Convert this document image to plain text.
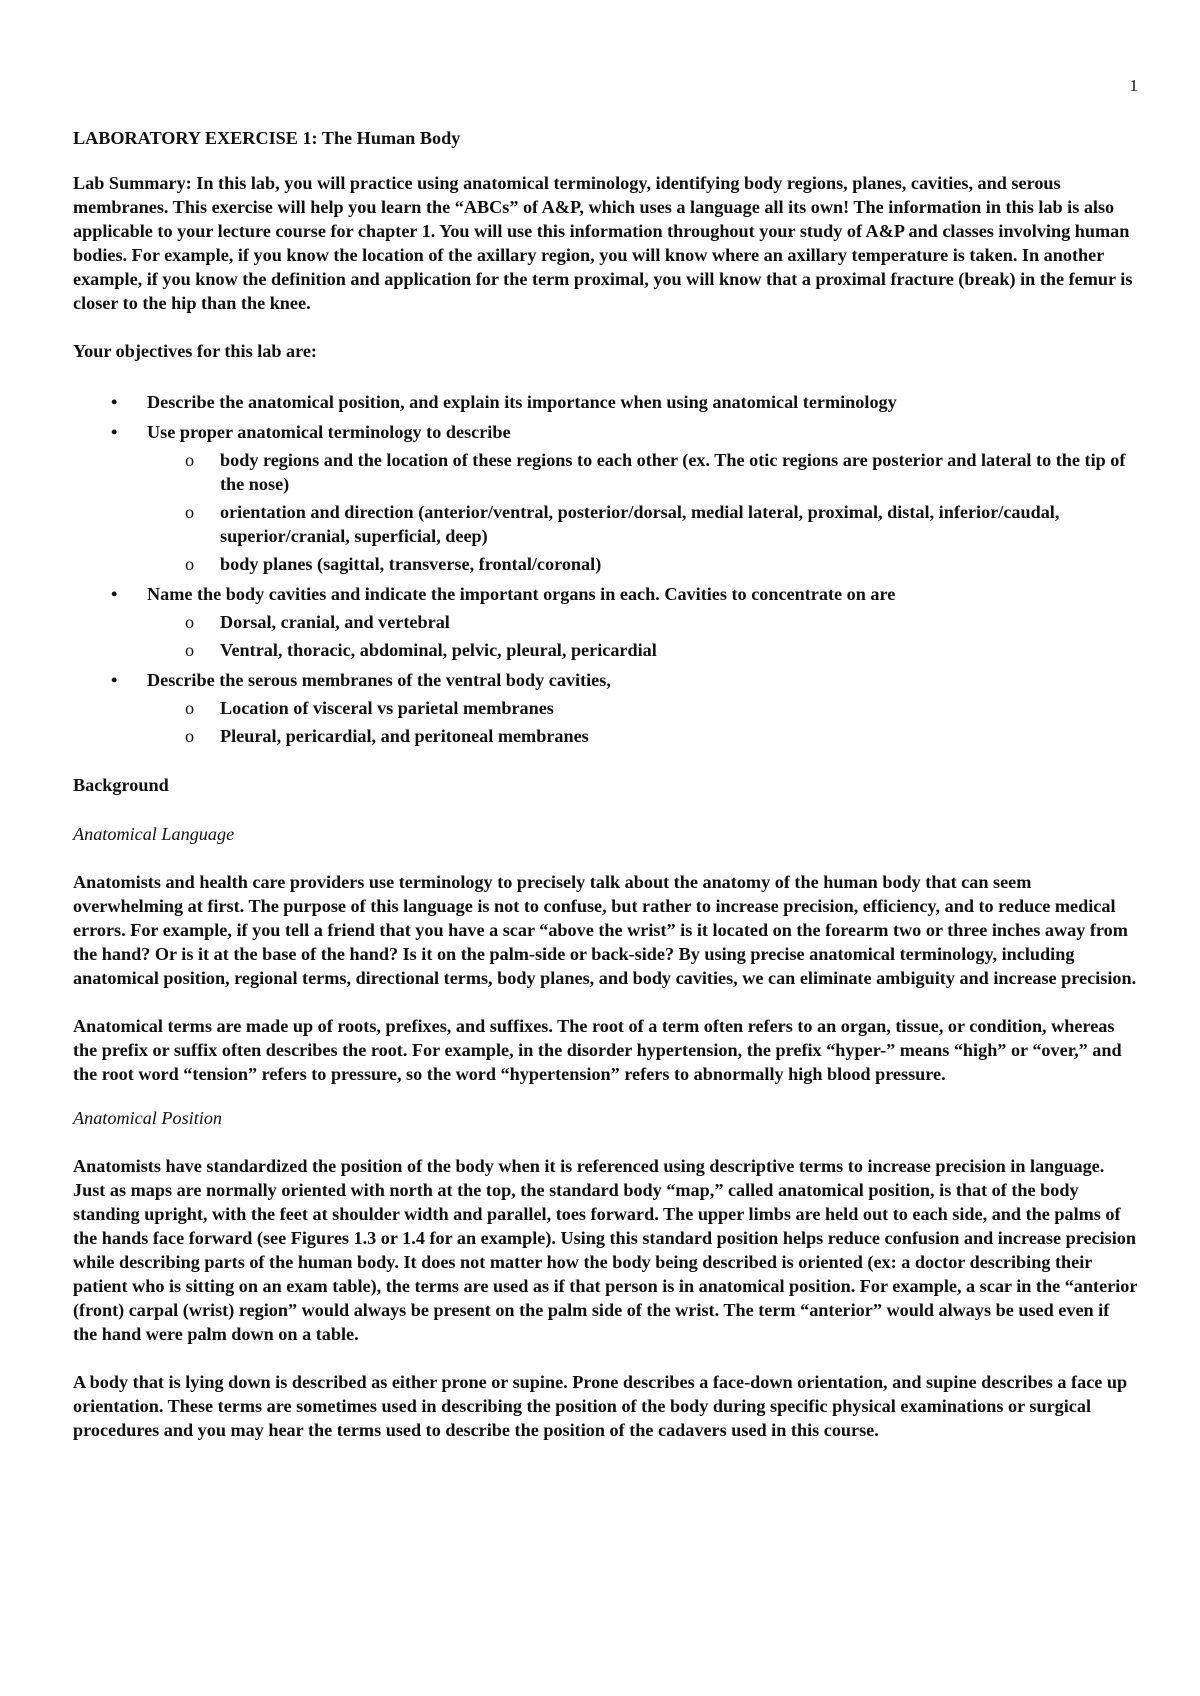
1

LABORATORY EXERCISE 1: The Human Body

Lab Summary: In this lab, you will practice using anatomical terminology, identifying body regions, planes, cavities, and serous membranes. This exercise will help you learn the “ABCs” of A&P, which uses a language all its own! The information in this lab is also applicable to your lecture course for chapter 1. You will use this information throughout your study of A&P and classes involving human bodies. For example, if you know the location of the axillary region, you will know where an axillary temperature is taken. In another example, if you know the definition and application for the term proximal, you will know that a proximal fracture (break) in the femur is closer to the hip than the knee.

Your objectives for this lab are:

• Describe the anatomical position, and explain its importance when using anatomical terminology
• Use proper anatomical terminology to describe
o body regions and the location of these regions to each other (ex. The otic regions are posterior and lateral to the tip of the nose)
o orientation and direction (anterior/ventral, posterior/dorsal, medial lateral, proximal, distal, inferior/caudal, superior/cranial, superficial, deep)
o body planes (sagittal, transverse, frontal/coronal)
• Name the body cavities and indicate the important organs in each. Cavities to concentrate on are
o Dorsal, cranial, and vertebral
o Ventral, thoracic, abdominal, pelvic, pleural, pericardial
• Describe the serous membranes of the ventral body cavities,
o Location of visceral vs parietal membranes
o Pleural, pericardial, and peritoneal membranes

Background

Anatomical Language

Anatomists and health care providers use terminology to precisely talk about the anatomy of the human body that can seem overwhelming at first. The purpose of this language is not to confuse, but rather to increase precision, efficiency, and to reduce medical errors. For example, if you tell a friend that you have a scar “above the wrist” is it located on the forearm two or three inches away from the hand? Or is it at the base of the hand? Is it on the palm-side or back-side? By using precise anatomical terminology, including anatomical position, regional terms, directional terms, body planes, and body cavities, we can eliminate ambiguity and increase precision.

Anatomical terms are made up of roots, prefixes, and suffixes. The root of a term often refers to an organ, tissue, or condition, whereas the prefix or suffix often describes the root. For example, in the disorder hypertension, the prefix “hyper-” means “high” or “over,” and the root word “tension” refers to pressure, so the word “hypertension” refers to abnormally high blood pressure.

Anatomical Position

Anatomists have standardized the position of the body when it is referenced using descriptive terms to increase precision in language. Just as maps are normally oriented with north at the top, the standard body “map,” called anatomical position, is that of the body standing upright, with the feet at shoulder width and parallel, toes forward. The upper limbs are held out to each side, and the palms of the hands face forward (see Figures 1.3 or 1.4 for an example). Using this standard position helps reduce confusion and increase precision while describing parts of the human body. It does not matter how the body being described is oriented (ex: a doctor describing their patient who is sitting on an exam table), the terms are used as if that person is in anatomical position. For example, a scar in the “anterior (front) carpal (wrist) region” would always be present on the palm side of the wrist. The term “anterior” would always be used even if the hand were palm down on a table.

A body that is lying down is described as either prone or supine. Prone describes a face-down orientation, and supine describes a face up orientation. These terms are sometimes used in describing the position of the body during specific physical examinations or surgical procedures and you may hear the terms used to describe the position of the cadavers used in this course.
